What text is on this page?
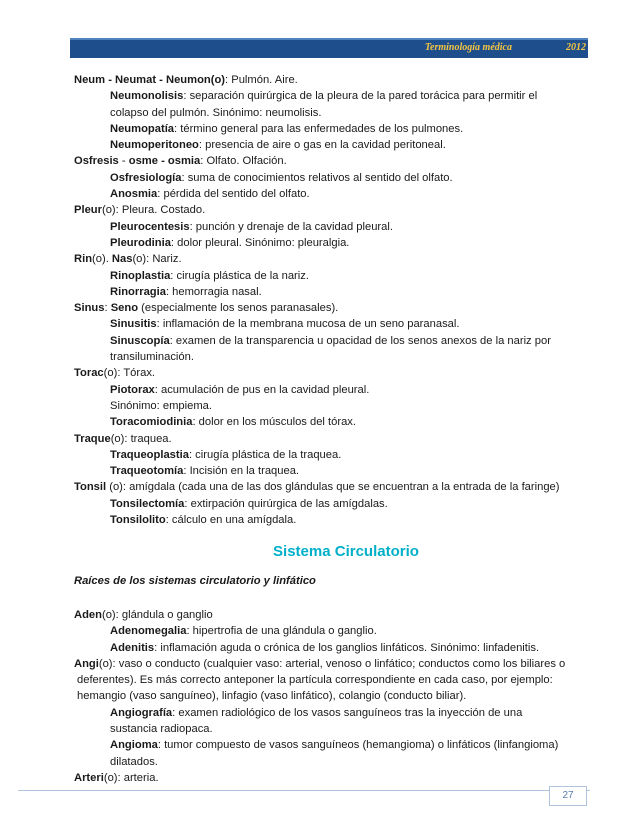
Terminología médica	2012
Neum - Neumat - Neumon(o): Pulmón. Aire.
Neumonolisis: separación quirúrgica de la pleura de la pared torácica para permitir el
colapso del pulmón. Sinónimo: neumolisis.
Neumopatía: término general para las enfermedades de los pulmones.
Neumoperitoneo: presencia de aire o gas en la cavidad peritoneal.
Osfresis - osme - osmia: Olfato. Olfación.
Osfresiología: suma de conocimientos relativos al sentido del olfato.
Anosmia: pérdida del sentido del olfato.
Pleur(o): Pleura. Costado.
Pleurocentesis: punción y drenaje de la cavidad pleural.
Pleurodinia: dolor pleural. Sinónimo: pleuralgia.
Rin(o). Nas(o): Nariz.
Rinoplastia: cirugía plástica de la nariz.
Rinorragia: hemorragia nasal.
Sinus: Seno (especialmente los senos paranasales).
Sinusitis: inflamación de la membrana mucosa de un seno paranasal.
Sinuscopía: examen de la transparencia u opacidad de los senos anexos de la nariz por
transiluminación.
Torac(o): Tórax.
Piotorax: acumulación de pus en la cavidad pleural.
Sinónimo: empiema.
Toracomiodinia: dolor en los músculos del tórax.
Traque(o): traquea.
Traqueoplastia: cirugía plástica de la traquea.
Traqueotomía: Incisión en la traquea.
Tonsil (o): amígdala (cada una de las dos glándulas que se encuentran a la entrada de la faringe)
Tonsilectomía: extirpación quirúrgica de las amígdalas.
Tonsilolito: cálculo en una amígdala.
Sistema Circulatorio
Raíces de los sistemas circulatorio y linfático
Aden(o): glándula o ganglio
Adenomegalia: hipertrofia de una glándula o ganglio.
Adenitis: inflamación aguda o crónica de los ganglios linfáticos. Sinónimo: linfadenitis.
Angi(o): vaso o conducto (cualquier vaso: arterial, venoso o linfático; conductos como los biliares o
deferentes). Es más correcto anteponer la partícula correspondiente en cada caso, por ejemplo:
hemangio (vaso sanguíneo), linfagio (vaso linfático), colangio (conducto biliar).
Angiografía: examen radiológico de los vasos sanguíneos tras la inyección de una
sustancia radiopaca.
Angioma: tumor compuesto de vasos sanguíneos (hemangioma) o linfáticos (linfangioma)
dilatados.
Arteri(o): arteria.
27
